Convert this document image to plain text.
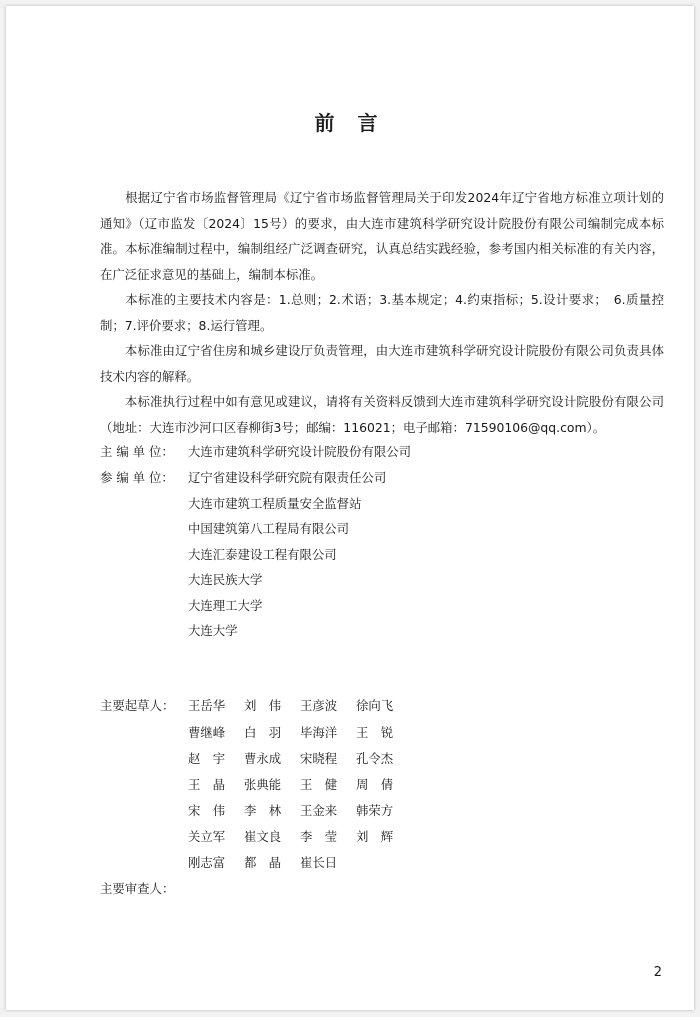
前 言

  根据辽宁省市场监督管理局《辽宁省市场监督管理局关于印发2024年辽宁省地方标准立项计划的通知》（辽市监发〔2024〕15号）的要求，由大连市建筑科学研究设计院股份有限公司编制完成本标准。本标准编制过程中，编制组经广泛调查研究，认真总结实践经验，参考国内相关标准的有关内容，在广泛征求意见的基础上，编制本标准。

  本标准的主要技术内容是：1.总则；2.术语；3.基本规定；4.约束指标；5.设计要求；　6.质量控制；7.评价要求；8.运行管理。

  本标准由辽宁省住房和城乡建设厅负责管理，由大连市建筑科学研究设计院股份有限公司负责具体技术内容的解释。

  本标准执行过程中如有意见或建议，请将有关资料反馈到大连市建筑科学研究设计院股份有限公司（地址：大连市沙河口区春柳街3号；邮编：116021；电子邮箱：71590106@qq.com）。

主 编 单 位： 大连市建筑科学研究设计院股份有限公司
参 编 单 位： 辽宁省建设科学研究院有限责任公司
大连市建筑工程质量安全监督站
中国建筑第八工程局有限公司
大连汇泰建设工程有限公司
大连民族大学
大连理工大学
大连大学
主要起草人： 王岳华 刘　伟 王彦波 徐向飞
曹继峰 白　羽 毕海洋 王　锐
赵　宇 曹永成 宋晓程 孔令杰
王　晶 张典能 王　健 周　倩
宋　伟 李　林 王金来 韩荣方
关立军 崔文良 李　莹 刘　辉
刚志富 都　晶 崔长日
主要审查人：
2
